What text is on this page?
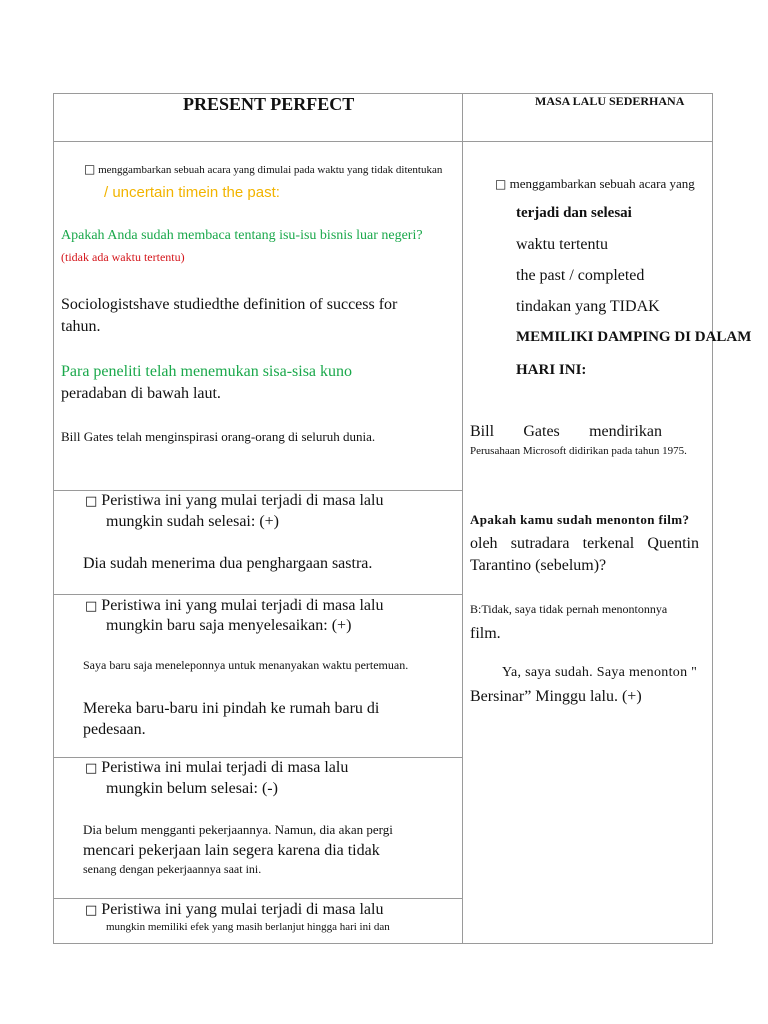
PRESENT PERFECT	MASA LALU SEDERHANA
□ menggambarkan sebuah acara yang dimulai pada waktu yang tidak ditentukan
/ uncertain timein the past:
Apakah Anda sudah membaca tentang isu-isu bisnis luar negeri?
(tidak ada waktu tertentu)
Sociologistshave studiedthe definition of success for
tahun.
Para peneliti telah menemukan sisa-sisa kuno
peradaban di bawah laut.
Bill Gates telah menginspirasi orang-orang di seluruh dunia.
□ Peristiwa ini yang mulai terjadi di masa lalu
mungkin sudah selesai: (+)
Dia sudah menerima dua penghargaan sastra.
□ Peristiwa ini yang mulai terjadi di masa lalu
mungkin baru saja menyelesaikan: (+)
Saya baru saja meneleponnya untuk menanyakan waktu pertemuan.
Mereka baru-baru ini pindah ke rumah baru di
pedesaan.
□ Peristiwa ini mulai terjadi di masa lalu
mungkin belum selesai: (-)
Dia belum mengganti pekerjaannya. Namun, dia akan pergi
mencari pekerjaan lain segera karena dia tidak
senang dengan pekerjaannya saat ini.
□ Peristiwa ini yang mulai terjadi di masa lalu
mungkin memiliki efek yang masih berlanjut hingga hari ini dan
□ menggambarkan sebuah acara yang
terjadi dan selesai
waktu tertentu
the past / completed
tindakan yang TIDAK
MEMILIKI DAMPING DI DALAM
HARI INI:
Bill Gates mendirikan
Perusahaan Microsoft didirikan pada tahun 1975.
Apakah kamu sudah menonton film?
oleh sutradara terkenal Quentin
Tarantino (sebelum)?
B:Tidak, saya tidak pernah menontonnya
film.
Ya, saya sudah. Saya menonton "
Bersinar” Minggu lalu. (+)
